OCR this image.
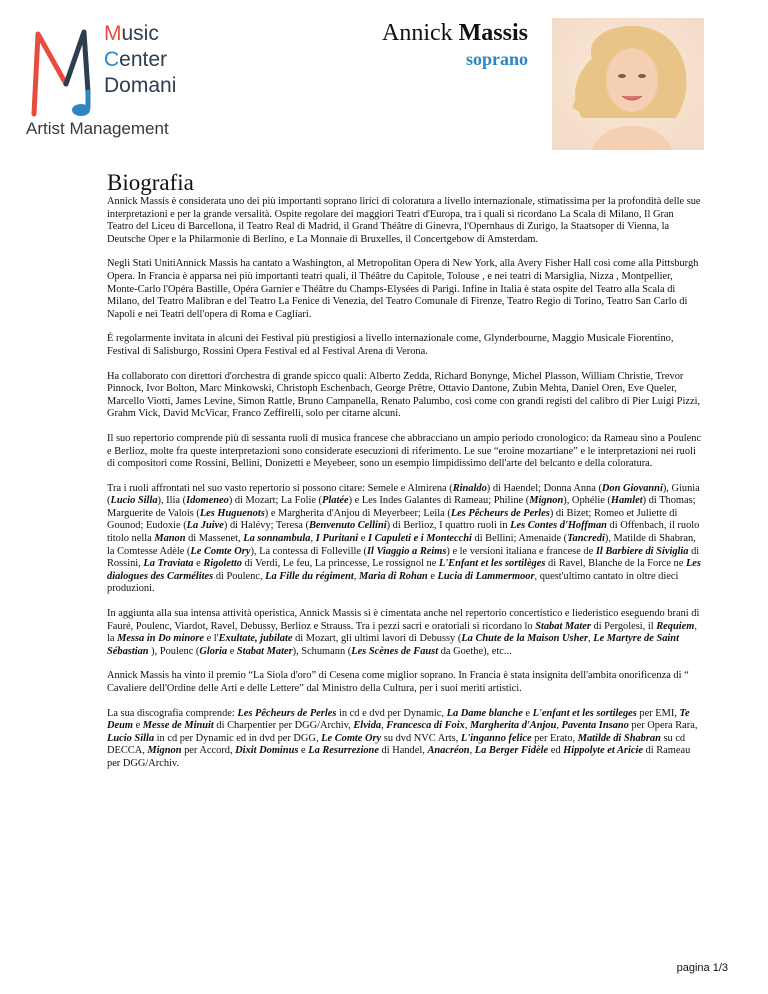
Music
Center
Domani
Artist Management
Annick Massis
soprano
Biografia

Annick Massis è considerata uno dei più importanti soprano lirici di coloratura a livello internazionale, stimatissima per la profondità delle sue interpretazioni e per la grande versalità. Ospite regolare dei maggiori Teatri d'Europa, tra i quali si ricordano La Scala di Milano, Il Gran Teatro del Liceu di Barcellona, il Teatro Real di Madrid, il Grand Théâtre di Ginevra, l'Opernhaus di Zurigo, la Staatsoper di Vienna, la Deutsche Oper e la Philarmonie di Berlino, e La Monnaie di Bruxelles, il Concertgebow di Amsterdam.

Negli Stati UnitiAnnick Massis ha cantato a Washington, al Metropolitan Opera di New York, alla Avery Fisher Hall così come alla Pittsburgh Opera. In Francia è apparsa nei più importanti teatri quali, il Théâtre du Capitole, Tolouse , e nei teatri di Marsiglia, Nizza , Montpellier, Monte-Carlo l'Opéra Bastille, Opéra Garnier e Théâtre du Champs-Elysées di Parigi. Infine in Italia è stata ospite del Teatro alla Scala di Milano, del Teatro Malibran e del Teatro La Fenice di Venezia, del Teatro Comunale di Firenze, Teatro Regio di Torino, Teatro San Carlo di Napoli e nei Teatri dell'opera di Roma e Cagliari.

È regolarmente invitata in alcuni dei Festival più prestigiosi a livello internazionale come, Glynderbourne, Maggio Musicale Fiorentino, Festival di Salisburgo, Rossini Opera Festival ed al Festival Arena di Verona.

Ha collaborato con direttori d'orchestra di grande spicco quali: Alberto Zedda, Richard Bonynge, Michel Plasson, William Christie, Trevor Pinnock, Ivor Bolton, Marc Minkowski, Christoph Eschenbach, George Prêtre, Ottavio Dantone, Zubin Mehta, Daniel Oren, Eve Queler, Marcello Viotti, James Levine, Simon Rattle, Bruno Campanella, Renato Palumbo, così come con grandi registi del calibro di Pier Luigi Pizzi, Grahm Vick, David McVicar, Franco Zeffirelli, solo per citarne alcuni.

Il suo repertorio comprende più di sessanta ruoli di musica francese che abbracciano un ampio periodo cronologico: da Rameau sino a Poulenc e Berlioz, molte fra queste interpretazioni sono considerate esecuzioni di riferimento. Le sue “eroine mozartiane” e le interpretazioni nei ruoli di compositori come Rossini, Bellini, Donizetti e Meyebeer, sono un esempio limpidissimo dell'arte del belcanto e della coloratura.

Tra i ruoli affrontati nel suo vasto repertorio si possono citare: Semele e Almirena (Rinaldo) di Haendel; Donna Anna (Don Giovanni), Giunia (Lucio Silla), Ilia (Idomeneo) di Mozart; La Folie (Platée) e Les Indes Galantes di Rameau; Philine (Mignon), Ophélie (Hamlet) di Thomas; Marguerite de Valois (Les Huguenots) e Margherita d'Anjou di Meyerbeer; Leila (Les Pêcheurs de Perles) di Bizet; Romeo et Juliette di Gounod; Eudoxie (La Juive) di Halévy; Teresa (Benvenuto Cellini) di Berlioz, I quattro ruoli in Les Contes d'Hoffman di Offenbach, il ruolo titolo nella Manon di Massenet, La sonnambula, I Puritani e I Capuleti e i Montecchi di Bellini; Amenaide (Tancredi), Matilde di Shabran, la Comtesse Adèle (Le Comte Ory), La contessa di Folleville (Il Viaggio a Reims) e le versioni italiana e francese de Il Barbiere di Siviglia di Rossini, La Traviata e Rigoletto di Verdi, Le feu, La princesse, Le rossignol ne L'Enfant et les sortilèges di Ravel, Blanche de la Force ne Les dialogues des Carmélites di Poulenc, La Fille du régiment, Maria di Rohan e Lucia di Lammermoor, quest'ultimo cantato in oltre dieci produzioni.

In aggiunta alla sua intensa attività operistica, Annick Massis si è cimentata anche nel repertorio concertistico e liederistico eseguendo brani di Fauré, Poulenc, Viardot, Ravel, Debussy, Berlioz e Strauss. Tra i pezzi sacri e oratoriali si ricordano lo Stabat Mater di Pergolesi, il Requiem, la Messa in Do minore e l'Exultate, jubilate di Mozart, gli ultimi lavori di Debussy (La Chute de la Maison Usher, Le Martyre de Saint Sébastian ), Poulenc (Gloria e Stabat Mater), Schumann (Les Scènes de Faust da Goethe), etc...

Annick Massis ha vinto il premio “La Siola d'oro” di Cesena come miglior soprano. In Francia è stata insignita dell'ambita onorificenza di “ Cavaliere dell'Ordine delle Arti e delle Lettere” dal Ministro della Cultura, per i suoi meriti artistici.

La sua discografia comprende: Les Pêcheurs de Perles in cd e dvd per Dynamic, La Dame blanche e L'enfant et les sortileges per EMI, Te Deum e Messe de Minuit di Charpentier per DGG/Archiv, Elvida, Francesca di Foix, Margherita d'Anjou, Paventa Insano per Opera Rara, Lucio Silla in cd per Dynamic ed in dvd per DGG, Le Comte Ory su dvd NVC Arts, L'inganno felice per Erato, Matilde di Shabran su cd DECCA, Mignon per Accord, Dixit Dominus e La Resurrezione di Handel, Anacréon, La Berger Fidèle ed Hippolyte et Aricie di Rameau per DGG/Archiv.

pagina 1/3
